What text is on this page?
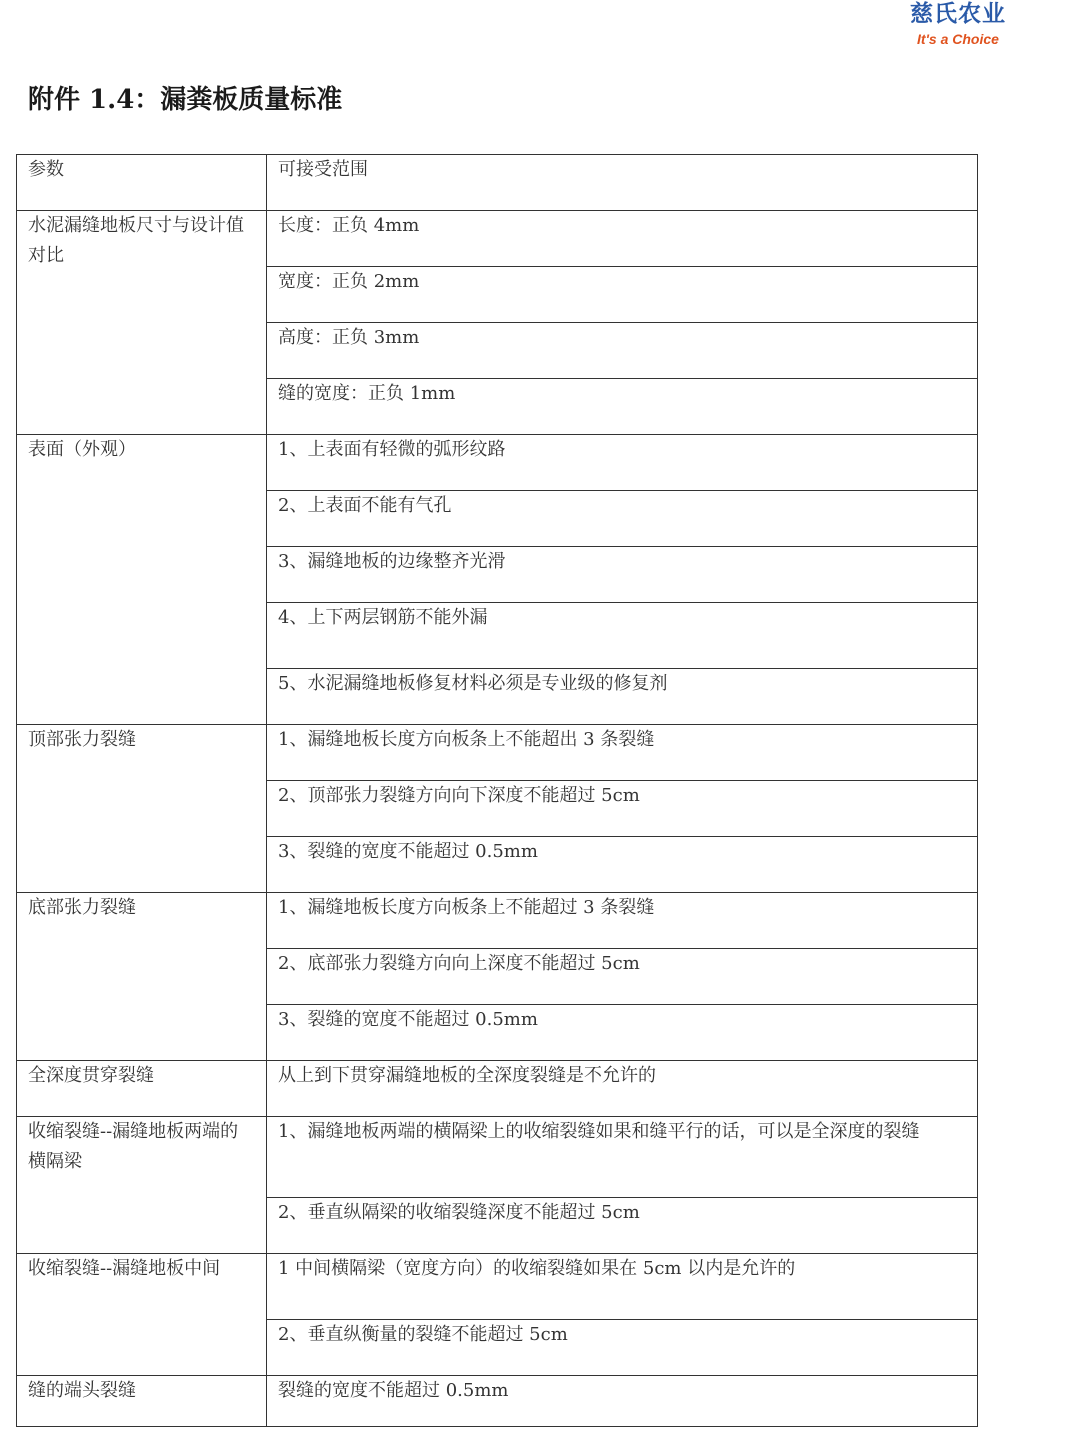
慈氏农业
It's a Choice
附件 1.4：漏粪板质量标准
参数	可接受范围

水泥漏缝地板尺寸与设计值对比	长度：正负 4mm

	宽度：正负 2mm

	高度：正负 3mm

	缝的宽度：正负 1mm

表面（外观）	1、上表面有轻微的弧形纹路

	2、上表面不能有气孔

	3、漏缝地板的边缘整齐光滑

	4、上下两层钢筋不能外漏

	5、水泥漏缝地板修复材料必须是专业级的修复剂

顶部张力裂缝	1、漏缝地板长度方向板条上不能超出 3 条裂缝

	2、顶部张力裂缝方向向下深度不能超过 5cm

	3、裂缝的宽度不能超过 0.5mm

底部张力裂缝	1、漏缝地板长度方向板条上不能超过 3 条裂缝

	2、底部张力裂缝方向向上深度不能超过 5cm

	3、裂缝的宽度不能超过 0.5mm

全深度贯穿裂缝	从上到下贯穿漏缝地板的全深度裂缝是不允许的

收缩裂缝--漏缝地板两端的横隔梁	1、漏缝地板两端的横隔梁上的收缩裂缝如果和缝平行的话，可以是全深度的裂缝

	2、垂直纵隔梁的收缩裂缝深度不能超过 5cm

收缩裂缝--漏缝地板中间	1 中间横隔梁（宽度方向）的收缩裂缝如果在 5cm 以内是允许的

	2、垂直纵衡量的裂缝不能超过 5cm

缝的端头裂缝	裂缝的宽度不能超过 0.5mm
